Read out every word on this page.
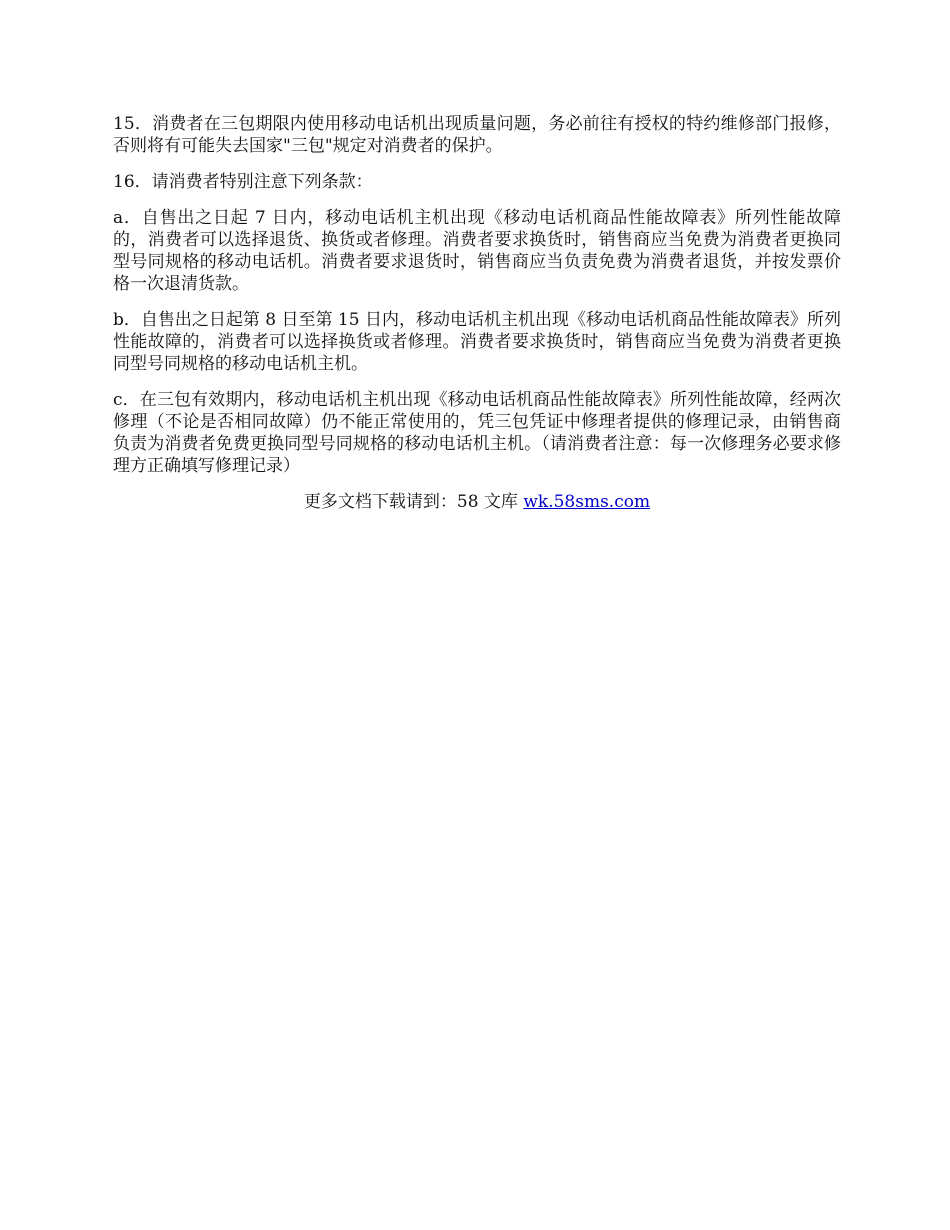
15．消费者在三包期限内使用移动电话机出现质量问题，务必前往有授权的特约维修部门报修，否则将有可能失去国家"三包"规定对消费者的保护。

16．请消费者特别注意下列条款：

a．自售出之日起 7 日内，移动电话机主机出现《移动电话机商品性能故障表》所列性能故障的，消费者可以选择退货、换货或者修理。消费者要求换货时，销售商应当免费为消费者更换同型号同规格的移动电话机。消费者要求退货时，销售商应当负责免费为消费者退货，并按发票价格一次退清货款。

b．自售出之日起第 8 日至第 15 日内，移动电话机主机出现《移动电话机商品性能故障表》所列性能故障的，消费者可以选择换货或者修理。消费者要求换货时，销售商应当免费为消费者更换同型号同规格的移动电话机主机。

c．在三包有效期内，移动电话机主机出现《移动电话机商品性能故障表》所列性能故障，经两次修理（不论是否相同故障）仍不能正常使用的，凭三包凭证中修理者提供的修理记录，由销售商负责为消费者免费更换同型号同规格的移动电话机主机。（请消费者注意：每一次修理务必要求修理方正确填写修理记录）

更多文档下载请到：58 文库 wk.58sms.com
